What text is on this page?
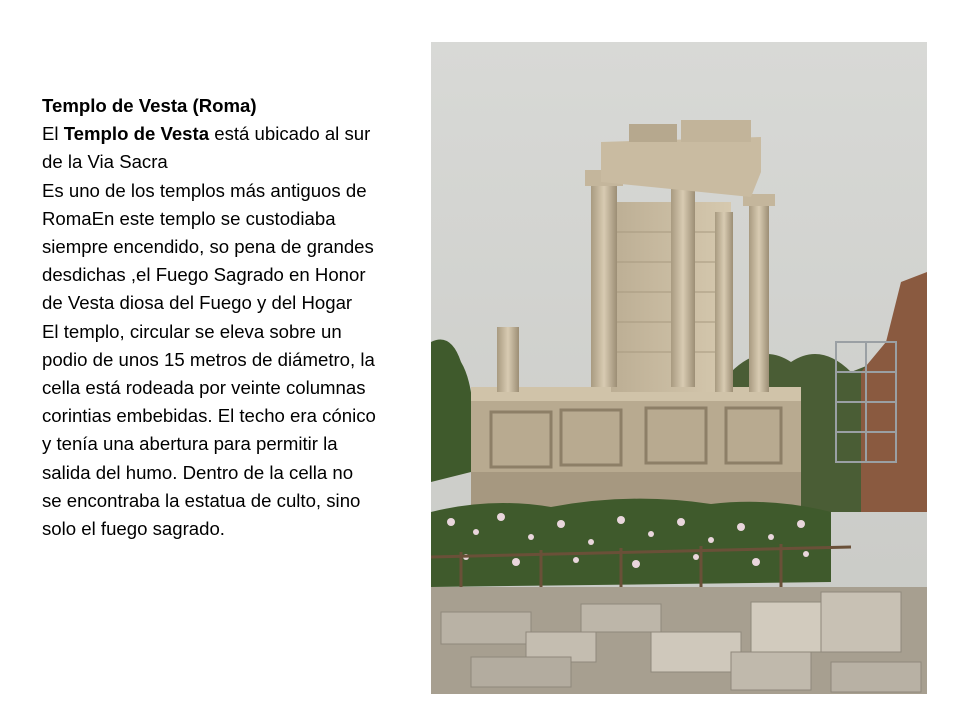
Templo de Vesta (Roma)

El Templo de Vesta está ubicado al sur de la Via Sacra

Es uno de los templos más antiguos de RomaEn este templo se custodiaba siempre encendido, so pena de grandes desdichas ,el Fuego Sagrado en Honor de Vesta diosa del Fuego y del Hogar

El templo, circular se eleva sobre un podio de unos 15 metros de diámetro, la cella está rodeada por veinte columnas corintias embebidas. El techo era cónico y tenía una abertura para permitir la salida del humo. Dentro de la cella no se encontraba la estatua de culto, sino solo el fuego sagrado.
